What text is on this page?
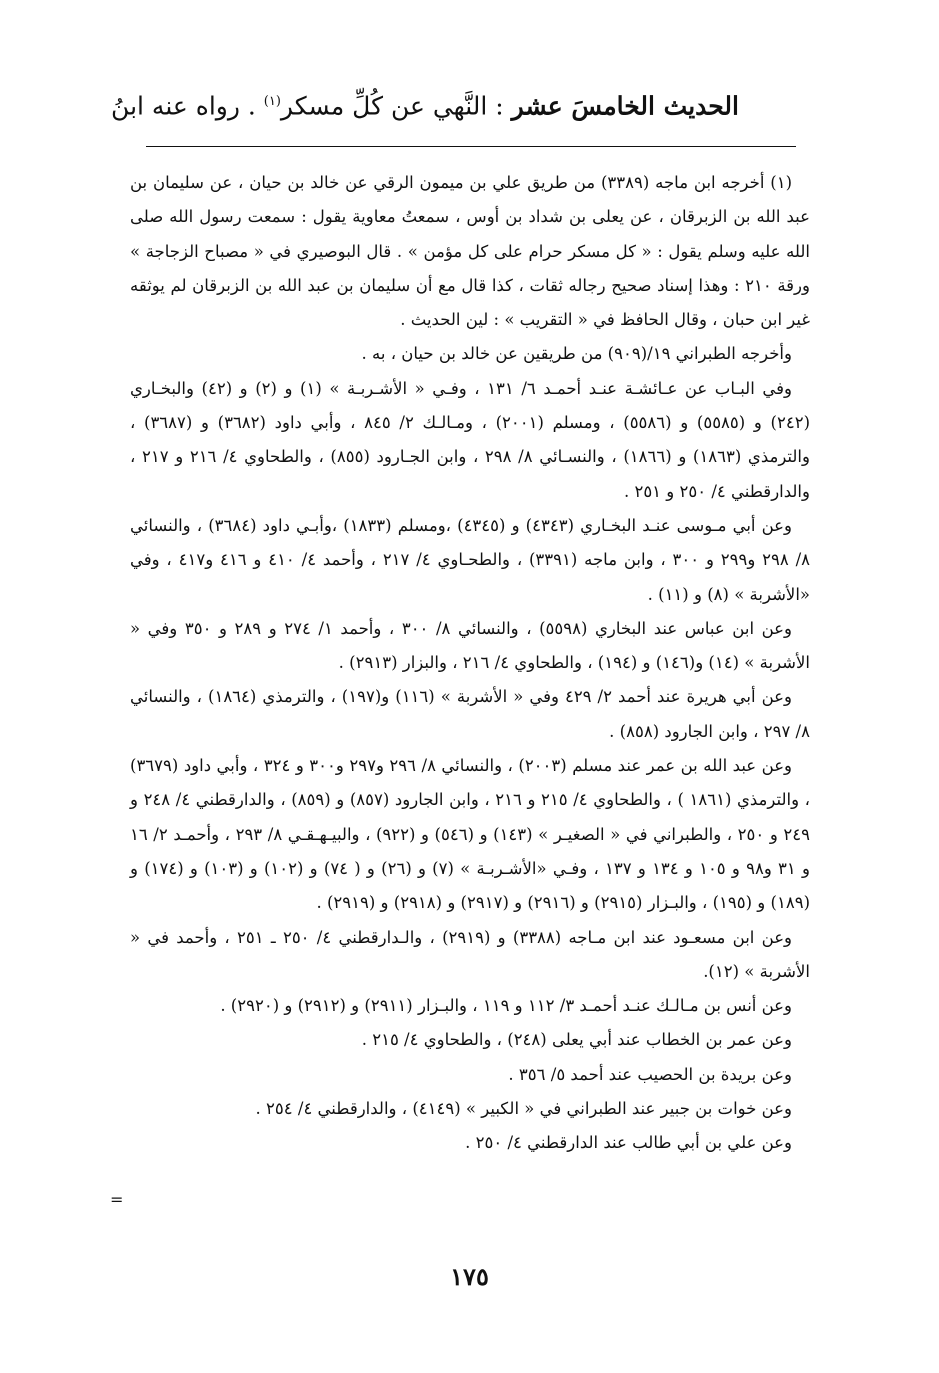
الحديث الخامسَ عشر : النَّهي عن كُلِّ مسكر$^{(١)}$ . رواه عنه ابنُ

(١) أخرجه ابن ماجه (٣٣٨٩) من طريق علي بن ميمون الرقي عن خالد بن حيان ، عن سليمان بن عبد الله بن الزبرقان ، عن يعلى بن شداد بن أوس ، سمعتُ معاوية يقول : سمعت رسول الله صلى الله عليه وسلم يقول : « كل مسكر حرام على كل مؤمن » . قال البوصيري في « مصباح الزجاجة » ورقة ٢١٠ : وهذا إسناد صحيح رجاله ثقات ، كذا قال مع أن سليمان بن عبد الله بن الزبرقان لم يوثقه غير ابن حبان ، وقال الحافظ في « التقريب » : لين الحديث .

وأخرجه الطبراني ١٩/(٩٠٩) من طريقين عن خالد بن حيان ، به .

وفي البـاب عن عـائشـة عنـد أحمـد ٦/ ١٣١ ، وفـي « الأشـربـة » (١) و (٢) و (٤٢) والبخـاري (٢٤٢) و (٥٥٨٥) و (٥٥٨٦) ، ومسلم (٢٠٠١) ، ومـالـك ٢/ ٨٤٥ ، وأبي داود (٣٦٨٢) و (٣٦٨٧) ، والترمذي (١٨٦٣) و (١٨٦٦) ، والنسـائي ٨/ ٢٩٨ ، وابن الجـارود (٨٥٥) ، والطحاوي ٤/ ٢١٦ و ٢١٧ ، والدارقطني ٤/ ٢٥٠ و ٢٥١ .

وعن أبي مـوسى عنـد البخـاري (٤٣٤٣) و (٤٣٤٥) ،ومسلم (١٨٣٣) ،وأبـي داود (٣٦٨٤) ، والنسائي ٨/ ٢٩٨ و٢٩٩ و ٣٠٠ ، وابن ماجه (٣٣٩١) ، والطحـاوي ٤/ ٢١٧ ، وأحمد ٤/ ٤١٠ و ٤١٦ و٤١٧ ، وفي «الأشربة » (٨) و (١١) .

وعن ابن عباس عند البخاري (٥٥٩٨) ، والنسائي ٨/ ٣٠٠ ، وأحمد ١/ ٢٧٤ و ٢٨٩ و ٣٥٠ وفي « الأشربة » (١٤) و(١٤٦) و (١٩٤) ، والطحاوي ٤/ ٢١٦ ، والبزار (٢٩١٣) .

وعن أبي هريرة عند أحمد ٢/ ٤٢٩ وفي « الأشربة » (١١٦) و(١٩٧) ، والترمذي (١٨٦٤) ، والنسائي ٨/ ٢٩٧ ، وابن الجارود (٨٥٨) .

وعن عبد الله بن عمر عند مسلم (٢٠٠٣) ، والنسائي ٨/ ٢٩٦ و٢٩٧ و٣٠٠ و ٣٢٤ ، وأبي داود (٣٦٧٩) ، والترمذي (١٨٦١ ) ، والطحاوي ٤/ ٢١٥ و ٢١٦ ، وابن الجارود (٨٥٧) و (٨٥٩) ، والدارقطني ٤/ ٢٤٨ و ٢٤٩ و ٢٥٠ ، والطبراني في « الصغيـر » (١٤٣) و (٥٤٦) و (٩٢٢) ، والبيـهـقـي ٨/ ٢٩٣ ، وأحمـد ٢/ ١٦ و ٣١ و٩٨ و ١٠٥ و ١٣٤ و ١٣٧ ، وفـي «الأشـربـة » (٧) و (٢٦) و ( ٧٤) و (١٠٢) و (١٠٣) و (١٧٤) و (١٨٩) و (١٩٥) ، والبـزار (٢٩١٥) و (٢٩١٦) و (٢٩١٧) و (٢٩١٨) و (٢٩١٩) .

وعن ابن مسعـود عند ابن مـاجه (٣٣٨٨) و (٢٩١٩) ، والـدارقطني ٤/ ٢٥٠ ـ ٢٥١ ، وأحمد في « الأشربة » (١٢).

وعن أنس بن مـالـك عنـد أحمـد ٣/ ١١٢ و ١١٩ ، والبـزار (٢٩١١) و (٢٩١٢) و (٢٩٢٠) .

وعن عمر بن الخطاب عند أبي يعلى (٢٤٨) ، والطحاوي ٤/ ٢١٥ .

وعن بريدة بن الحصيب عند أحمد ٥/ ٣٥٦ .

وعن خوات بن جبير عند الطبراني في « الكبير » (٤١٤٩) ، والدارقطني ٤/ ٢٥٤ .

وعن علي بن أبي طالب عند الدارقطني ٤/ ٢٥٠ .

=
١٧٥
